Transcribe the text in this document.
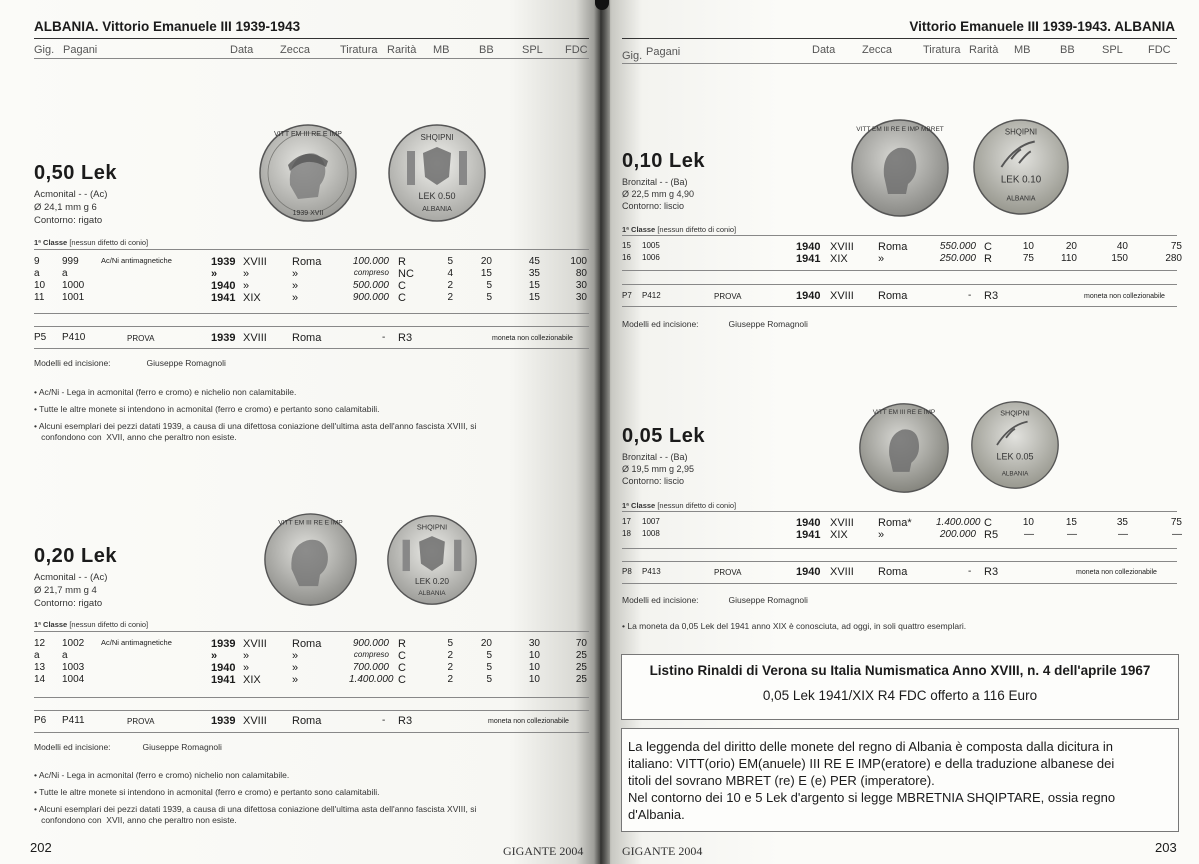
ALBANIA. Vittorio Emanuele III 1939-1943
Gig. Pagani	Data Zecca	Tiratura Rarità MB	BB	SPL FDC
VITT EM III RE E IMP
1939 XVII
SHQIPNI
LEK 0.50
ALBANIA
0,50 Lek
Acmonital - - (Ac)
Ø 24,1 mm g 6
Contorno: rigato
1ª Classe [nessun difetto di conio]
9 999	Ac/Ni antimagnetiche	1939 XVIII Roma	100.000 R	5	20	45	100
a a	» »	»	compreso NC	4	15	35	80
10 1000	1940 »	»	500.000 C	2	5	15	30
11 1001	1941 XIX	»	900.000 C	2	5	15	30
P5 P410	PROVA	1939 XVIII Roma	- R3	moneta non collezionabile
Modelli ed incisione:	Giuseppe Romagnoli
• Ac/Ni - Lega in acmonital (ferro e cromo) e nichelio non calamitabile.
• Tutte le altre monete si intendono in acmonital (ferro e cromo) e pertanto sono calamitabili.
• Alcuni esemplari dei pezzi datati 1939, a causa di una difettosa coniazione dell'ultima asta dell'anno fascista XVIII, si
confondono con  XVII, anno che peraltro non esiste.
VITT EM III RE E IMP	SHQIPNI
LEK 0.20
ALBANIA
0,20 Lek
Acmonital - - (Ac)
Ø 21,7 mm g 4
Contorno: rigato
1ª Classe [nessun difetto di conio]
12 1002 Ac/Ni antimagnetiche	1939 XVIII Roma	900.000 R	5	20	30	70
a a	» »	»	compreso C	2	5	10	25
13 1003	1940 »	»	700.000 C	2	5	10	25
14 1004	1941 XIX	»	1.400.000 C	2	5	10	25
P6 P411	PROVA	1939 XVIII Roma	- R3	moneta non collezionabile
Modelli ed incisione:	Giuseppe Romagnoli
• Ac/Ni - Lega in acmonital (ferro e cromo) nichelio non calamitabile.
• Tutte le altre monete si intendono in acmonital (ferro e cromo) e pertanto sono calamitabili.
• Alcuni esemplari dei pezzi datati 1939, a causa di una difettosa coniazione dell'ultima asta dell'anno fascista XVIII, si
confondono con  XVII, anno che peraltro non esiste.
202	GIGANTE 2004
Vittorio Emanuele III 1939-1943. ALBANIA
Gig. Pagani	Data Zecca	Tiratura Rarità MB	BB SPL FDC
VITT EM III RE E IMP MBRET	SHQIPNI
LEK 0.10
ALBANIA
0,10 Lek
Bronzital - - (Ba)
Ø 22,5 mm g 4,90
Contorno: liscio
1ª Classe [nessun difetto di conio]
15 1005	1940 XVIII Roma	550.000 C	10	20	40	75
16 1006	1941 XIX	»	250.000 R	75	110	150	280
P7 P412	PROVA	1940 XVIII Roma	- R3	moneta non collezionabile
Modelli ed incisione:	Giuseppe Romagnoli
VITT EM III RE E IMP	SHQIPNI
LEK 0.05
ALBANIA
0,05 Lek
Bronzital - - (Ba)
Ø 19,5 mm g 2,95
Contorno: liscio
1ª Classe [nessun difetto di conio]
17 1007	1940 XVIII Roma* 1.400.000 C	10	15	35	75
18 1008	1941 XIX	»	200.000 R5	—	—	—	—
P8 P413	PROVA	1940 XVIII Roma	- R3	moneta non collezionabile
Modelli ed incisione:	Giuseppe Romagnoli
• La moneta da 0,05 Lek del 1941 anno XIX è conosciuta, ad oggi, in soli quattro esemplari.
Listino Rinaldi di Verona su Italia Numismatica Anno XVIII, n. 4 dell'aprile 1967
0,05 Lek 1941/XIX R4 FDC offerto a 116 Euro
La leggenda del diritto delle monete del regno di Albania è composta dalla dicitura in
italiano: VITT(orio) EM(anuele) III RE E IMP(eratore) e della traduzione albanese dei
titoli del sovrano MBRET (re) E (e) PER (imperatore).
Nel contorno dei 10 e 5 Lek d'argento si legge MBRETNIA SHQIPTARE, ossia regno
d'Albania.
GIGANTE 2004	203
